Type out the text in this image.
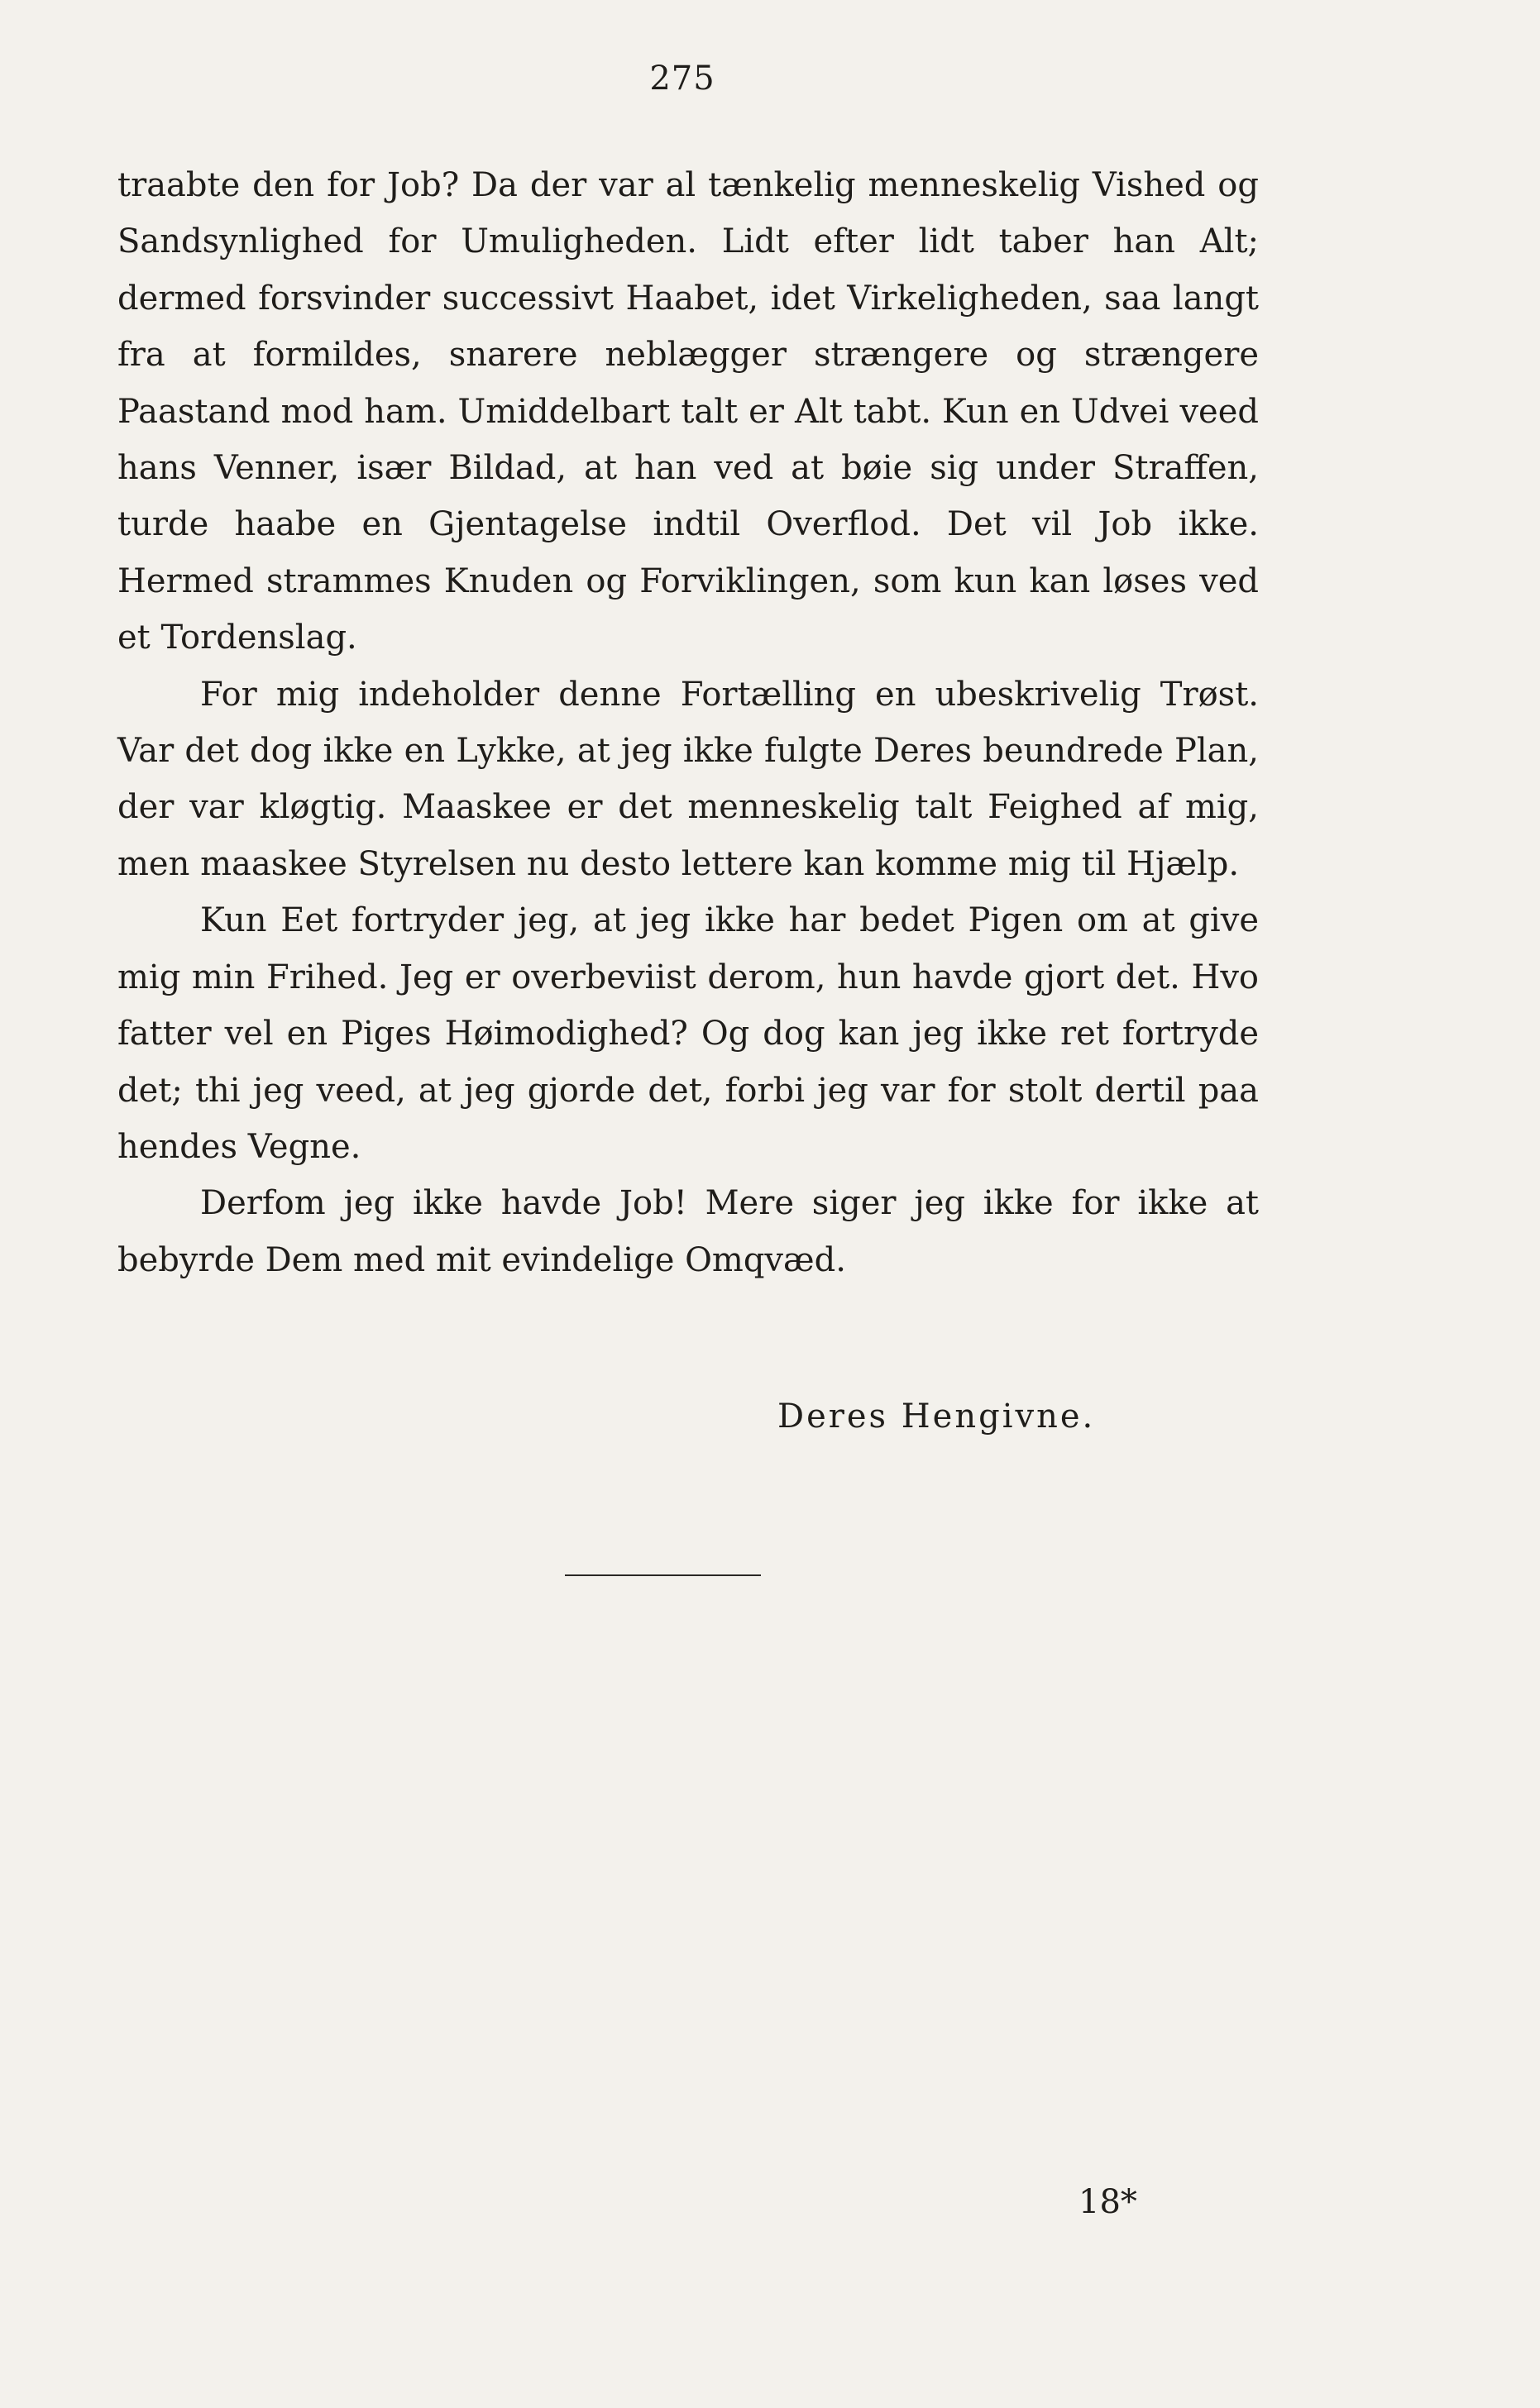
275

traabte den for Job? Da der var al tænkelig menneskelig Vished og Sandsynlighed for Umuligheden. Lidt efter lidt taber han Alt; dermed forsvinder successivt Haabet, idet Virkeligheden, saa langt fra at formildes, snarere neblægger strængere og strængere Paastand mod ham. Umiddelbart talt er Alt tabt. Kun en Udvei veed hans Venner, især Bildad, at han ved at bøie sig under Straffen, turde haabe en Gjentagelse indtil Overflod. Det vil Job ikke. Hermed strammes Knuden og Forviklingen, som kun kan løses ved et Tordenslag.

For mig indeholder denne Fortælling en ubeskrivelig Trøst. Var det dog ikke en Lykke, at jeg ikke fulgte Deres beundrede Plan, der var kløgtig. Maaskee er det menneskelig talt Feighed af mig, men maaskee Styrelsen nu desto lettere kan komme mig til Hjælp.

Kun Eet fortryder jeg, at jeg ikke har bedet Pigen om at give mig min Frihed. Jeg er overbeviist derom, hun havde gjort det. Hvo fatter vel en Piges Høimodighed? Og dog kan jeg ikke ret fortryde det; thi jeg veed, at jeg gjorde det, forbi jeg var for stolt dertil paa hendes Vegne.

Derfom jeg ikke havde Job! Mere siger jeg ikke for ikke at bebyrde Dem med mit evindelige Omqvæd.

Deres Hengivne.
18*
